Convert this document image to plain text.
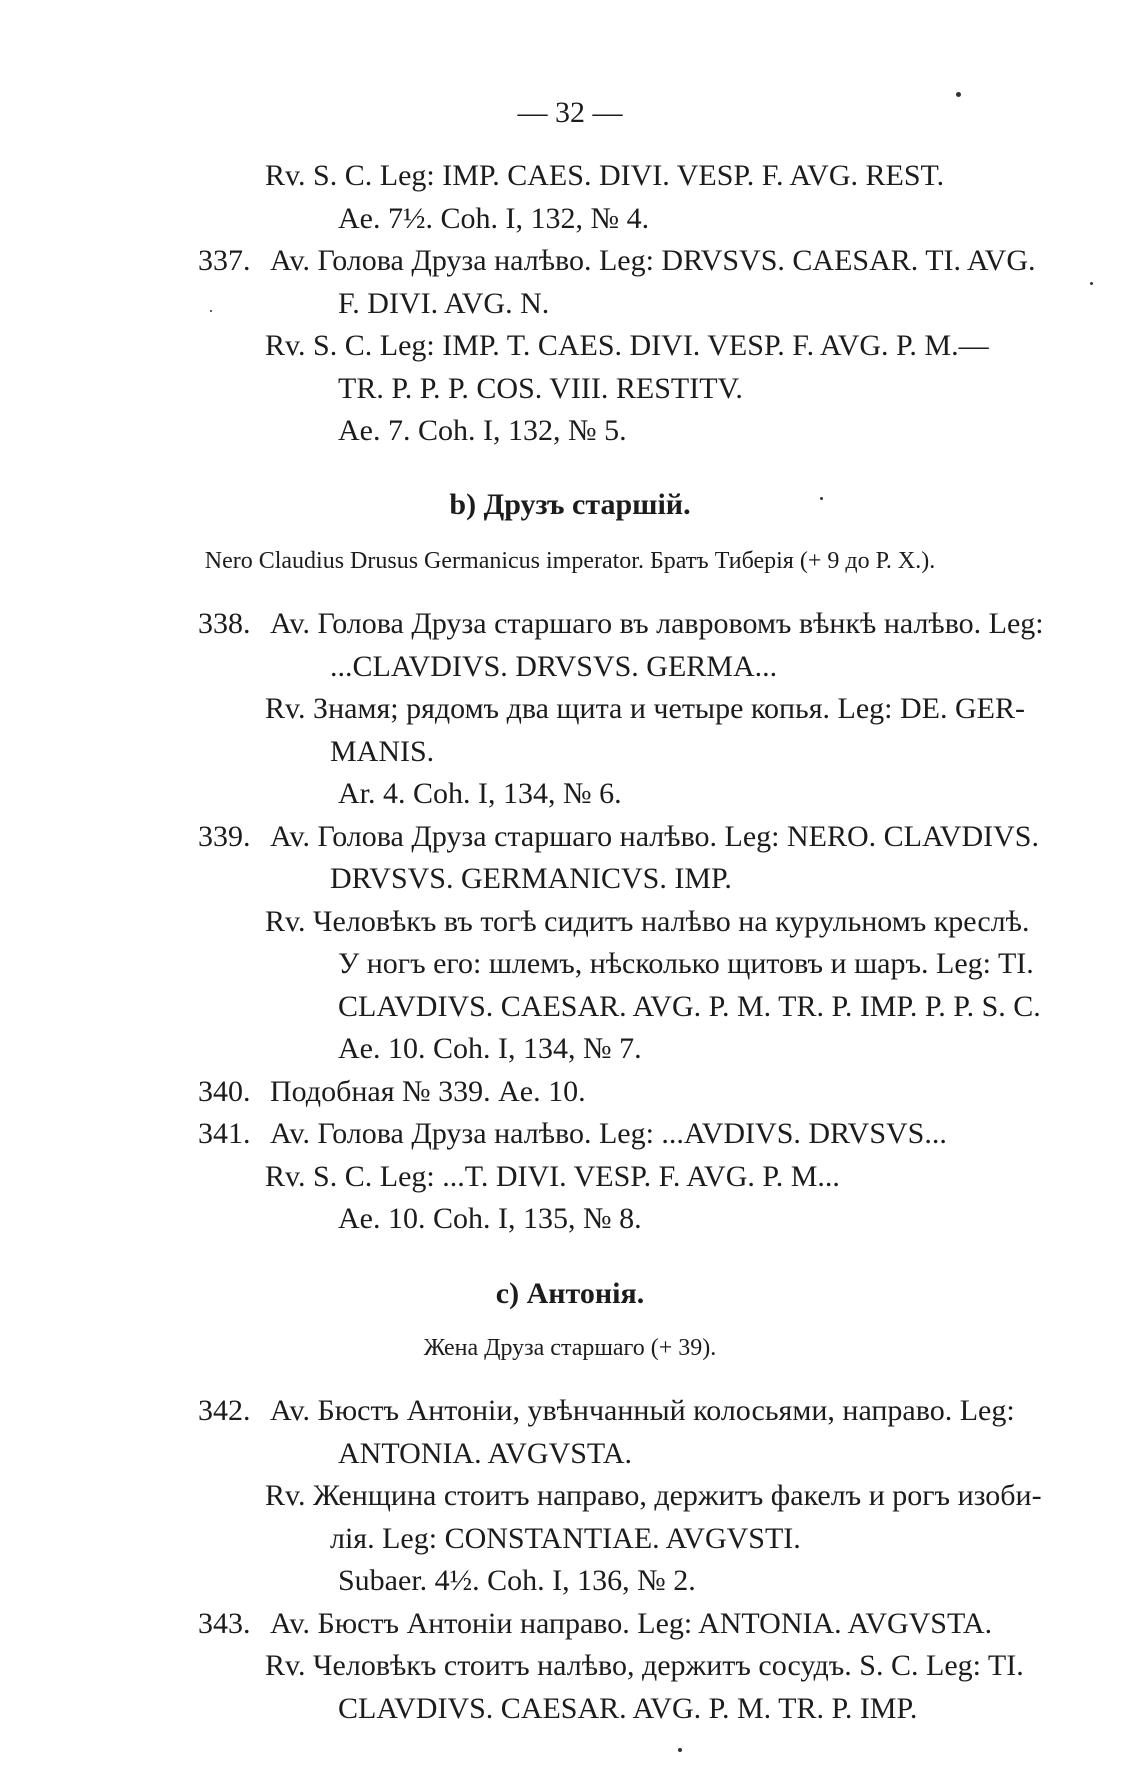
— 32 —
Rv. S. C. Leg: IMP. CAES. DIVI. VESP. F. AVG. REST.
Ae. 7½. Coh. I, 132, № 4.
337. Av. Голова Друза налѣво. Leg: DRVSVS. CAESAR. TI. AVG.
F. DIVI. AVG. N.
Rv. S. C. Leg: IMP. T. CAES. DIVI. VESP. F. AVG. P. M.—
TR. P. P. P. COS. VIII. RESTITV.
Ae. 7. Coh. I, 132, № 5.
b) Друзъ старшій.
Nero Claudius Drusus Germanicus imperator. Братъ Тиберія (+ 9 до Р. Х.).
338. Av. Голова Друза старшаго въ лавровомъ вѣнкѣ налѣво. Leg:
...CLAVDIVS. DRVSVS. GERMA...
Rv. Знамя; рядомъ два щита и четыре копья. Leg: DE. GER-
MANIS.
Ar. 4. Coh. I, 134, № 6.
339. Av. Голова Друза старшаго налѣво. Leg: NERO. CLAVDIVS.
DRVSVS. GERMANICVS. IMP.
Rv. Человѣкъ въ тогѣ сидитъ налѣво на курульномъ креслѣ.
У ногъ его: шлемъ, нѣсколько щитовъ и шаръ. Leg: TI.
CLAVDIVS. CAESAR. AVG. P. M. TR. P. IMP. P. P. S. C.
Ae. 10. Coh. I, 134, № 7.
340. Подобная № 339. Ae. 10.
341. Av. Голова Друза налѣво. Leg: ...AVDIVS. DRVSVS...
Rv. S. C. Leg: ...T. DIVI. VESP. F. AVG. P. M...
Ae. 10. Coh. I, 135, № 8.
c) Антонія.
Жена Друза старшаго (+ 39).
342. Av. Бюстъ Антоніи, увѣнчанный колосьями, направо. Leg:
ANTONIA. AVGVSTA.
Rv. Женщина стоитъ направо, держитъ факелъ и рогъ изоби-
лія. Leg: CONSTANTIAE. AVGVSTI.
Subaer. 4½. Coh. I, 136, № 2.
343. Av. Бюстъ Антоніи направо. Leg: ANTONIA. AVGVSTA.
Rv. Человѣкъ стоитъ налѣво, держитъ сосудъ. S. C. Leg: TI.
CLAVDIVS. CAESAR. AVG. P. M. TR. P. IMP.
